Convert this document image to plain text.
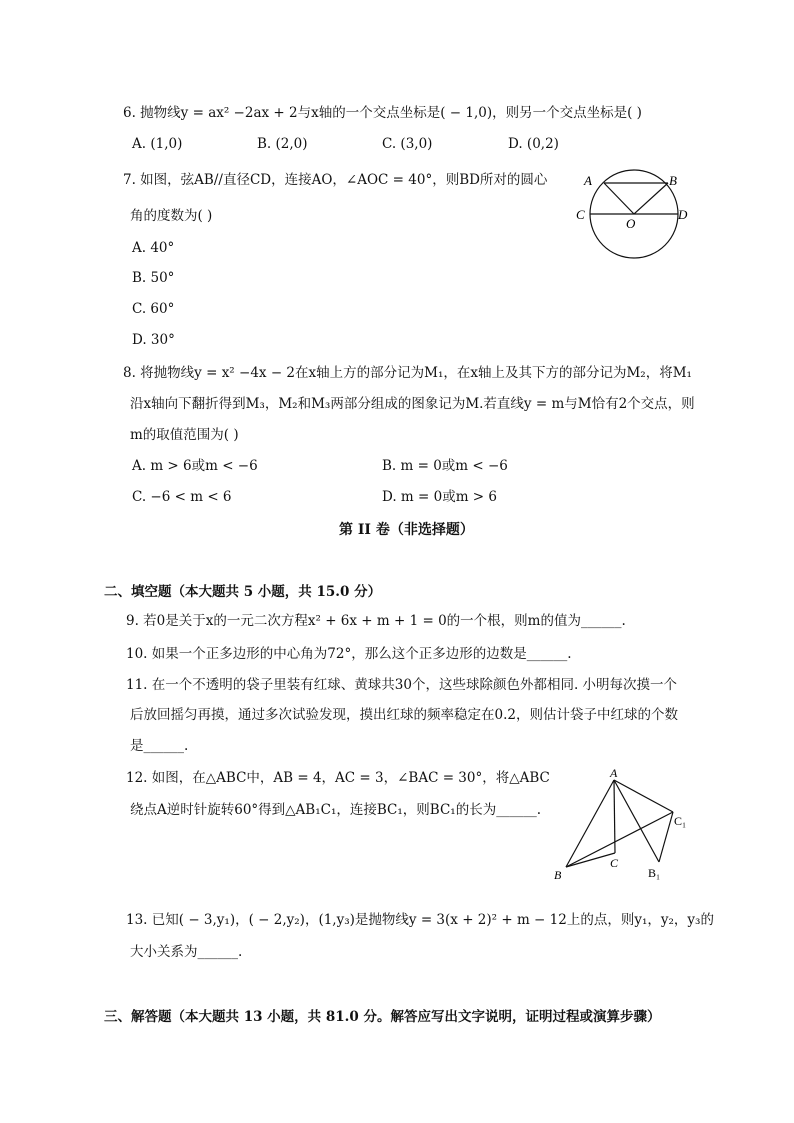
6. 抛物线y = ax² −2ax + 2与x轴的一个交点坐标是( − 1,0)，则另一个交点坐标是( )
A. (1,0)	B. (2,0)	C. (3,0)	D. (0,2)
7. 如图，弦AB//直径CD，连接AO，∠AOC = 40°，则BD所对的圆心
角的度数为( )
A. 40°
B. 50°
C. 60°
D. 30°
A	B
C	D
O
8. 将抛物线y = x² −4x − 2在x轴上方的部分记为M₁，在x轴上及其下方的部分记为M₂，将M₁
沿x轴向下翻折得到M₃，M₂和M₃两部分组成的图象记为M.若直线y = m与M恰有2个交点，则
m的取值范围为( )
A. m > 6或m < −6	B. m = 0或m < −6
C. −6 < m < 6	D. m = 0或m > 6
第 II 卷（非选择题）
二、填空题（本大题共 5 小题，共 15.0 分）
9. 若0是关于x的一元二次方程x² + 6x + m + 1 = 0的一个根，则m的值为______.
10. 如果一个正多边形的中心角为72°，那么这个正多边形的边数是______.
11. 在一个不透明的袋子里装有红球、黄球共30个，这些球除颜色外都相同. 小明每次摸一个
后放回摇匀再摸，通过多次试验发现，摸出红球的频率稳定在0.2，则估计袋子中红球的个数
是______.
12. 如图，在△ABC中，AB = 4，AC = 3，∠BAC = 30°，将△ABC
绕点A逆时针旋转60°得到△AB₁C₁，连接BC₁，则BC₁的长为______.
A
B
C
B₁
C₁
13. 已知( − 3,y₁)，( − 2,y₂)，(1,y₃)是抛物线y = 3(x + 2)² + m − 12上的点，则y₁，y₂，y₃的
大小关系为______.
三、解答题（本大题共 13 小题，共 81.0 分。解答应写出文字说明，证明过程或演算步骤）
